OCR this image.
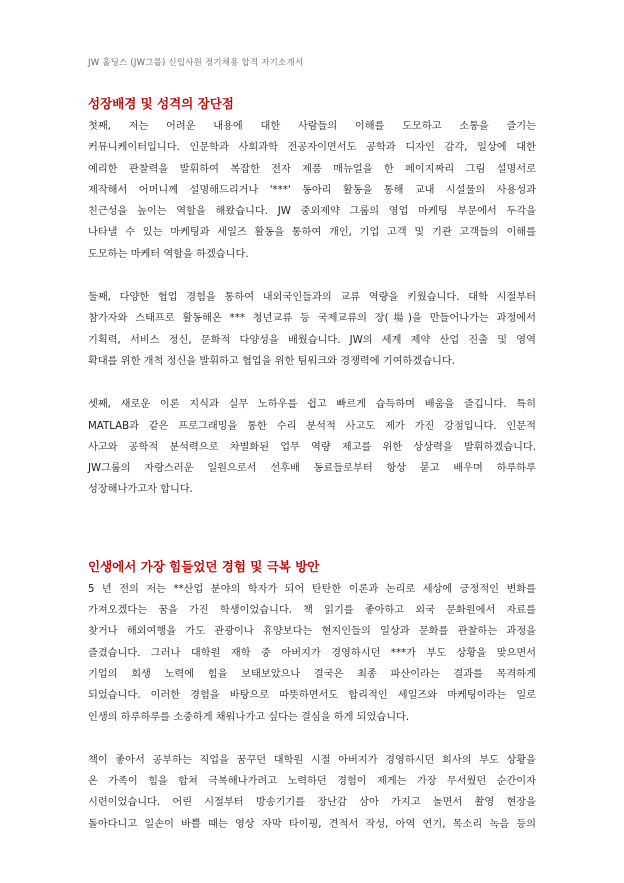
JW 홀딩스 (JW그룹) 신입사원 정기채용 합격 자기소개서
성장배경 및 성격의 장단점
첫째, 저는 어려운 내용에 대한 사람들의 이해를 도모하고 소통을 즐기는
커뮤니케이터입니다. 인문학과 사회과학 전공자이면서도 공학과 디자인 감각, 일상에 대한
예리한 관찰력을 발휘하여 복잡한 전자 제품 매뉴얼을 한 페이지짜리 그림 설명서로
제작해서 어머니께 설명해드리거나 '***' 동아리 활동을 통해 교내 시설물의 사용성과
친근성을 높이는 역할을 해왔습니다. JW 중외제약 그룹의 영업 마케팅 부문에서 두각을
나타낼 수 있는 마케팅과 세일즈 활동을 통하여 개인, 기업 고객 및 기관 고객들의 이해를
도모하는 마케터 역할을 하겠습니다.
둘째, 다양한 협업 경험을 통하여 내외국인들과의 교류 역량을 키웠습니다. 대학 시절부터
참가자와 스태프로 활동해온 *** 청년교류 등 국제교류의 장(場)을 만들어나가는 과정에서
기획력, 서비스 정신, 문화적 다양성을 배웠습니다. JW의 세계 제약 산업 진출 및 영역
확대를 위한 개척 정신을 발휘하고 협업을 위한 팀워크와 경쟁력에 기여하겠습니다.
셋째, 새로운 이론 지식과 실무 노하우를 쉽고 빠르게 습득하며 배움을 즐깁니다. 특히
MATLAB과 같은 프로그래밍을 통한 수리 분석적 사고도 제가 가진 강점입니다. 인문적
사고와 공학적 분석력으로 차별화된 업무 역량 제고를 위한 상상력을 발휘하겠습니다.
JW그룹의 자랑스러운 일원으로서 선후배 동료들로부터 항상 묻고 배우며 하루하루
성장해나가고자 합니다.
인생에서 가장 힘들었던 경험 및 극복 방안
5 년 전의 저는 **산업 분야의 학자가 되어 탄탄한 이론과 논리로 세상에 긍정적인 변화를
가져오겠다는 꿈을 가진 학생이었습니다. 책 읽기를 좋아하고 외국 문화원에서 자료를
찾거나 해외여행을 가도 관광이나 휴양보다는 현지인들의 일상과 문화를 관찰하는 과정을
즐겼습니다. 그러나 대학원 재학 중 아버지가 경영하시던 ***가 부도 상황을 맞으면서
기업의 회생 노력에 힘을 보태보았으나 결국은 최종 파산이라는 결과를 목격하게
되었습니다. 이러한 경험을 바탕으로 따뜻하면서도 합리적인 세일즈와 마케팅이라는 일로
인생의 하루하루를 소중하게 채워나가고 싶다는 결심을 하게 되었습니다.
책이 좋아서 공부하는 직업을 꿈꾸던 대학원 시절 아버지가 경영하시던 회사의 부도 상황을
온 가족이 힘을 합쳐 극복해나가려고 노력하던 경험이 제게는 가장 무서웠던 순간이자
시련이었습니다. 어린 시절부터 방송기기를 장난감 삼아 가지고 놀면서 촬영 현장을
돌아다니고 일손이 바쁠 때는 영상 자막 타이핑, 견적서 작성, 아역 연기, 목소리 녹음 등의
